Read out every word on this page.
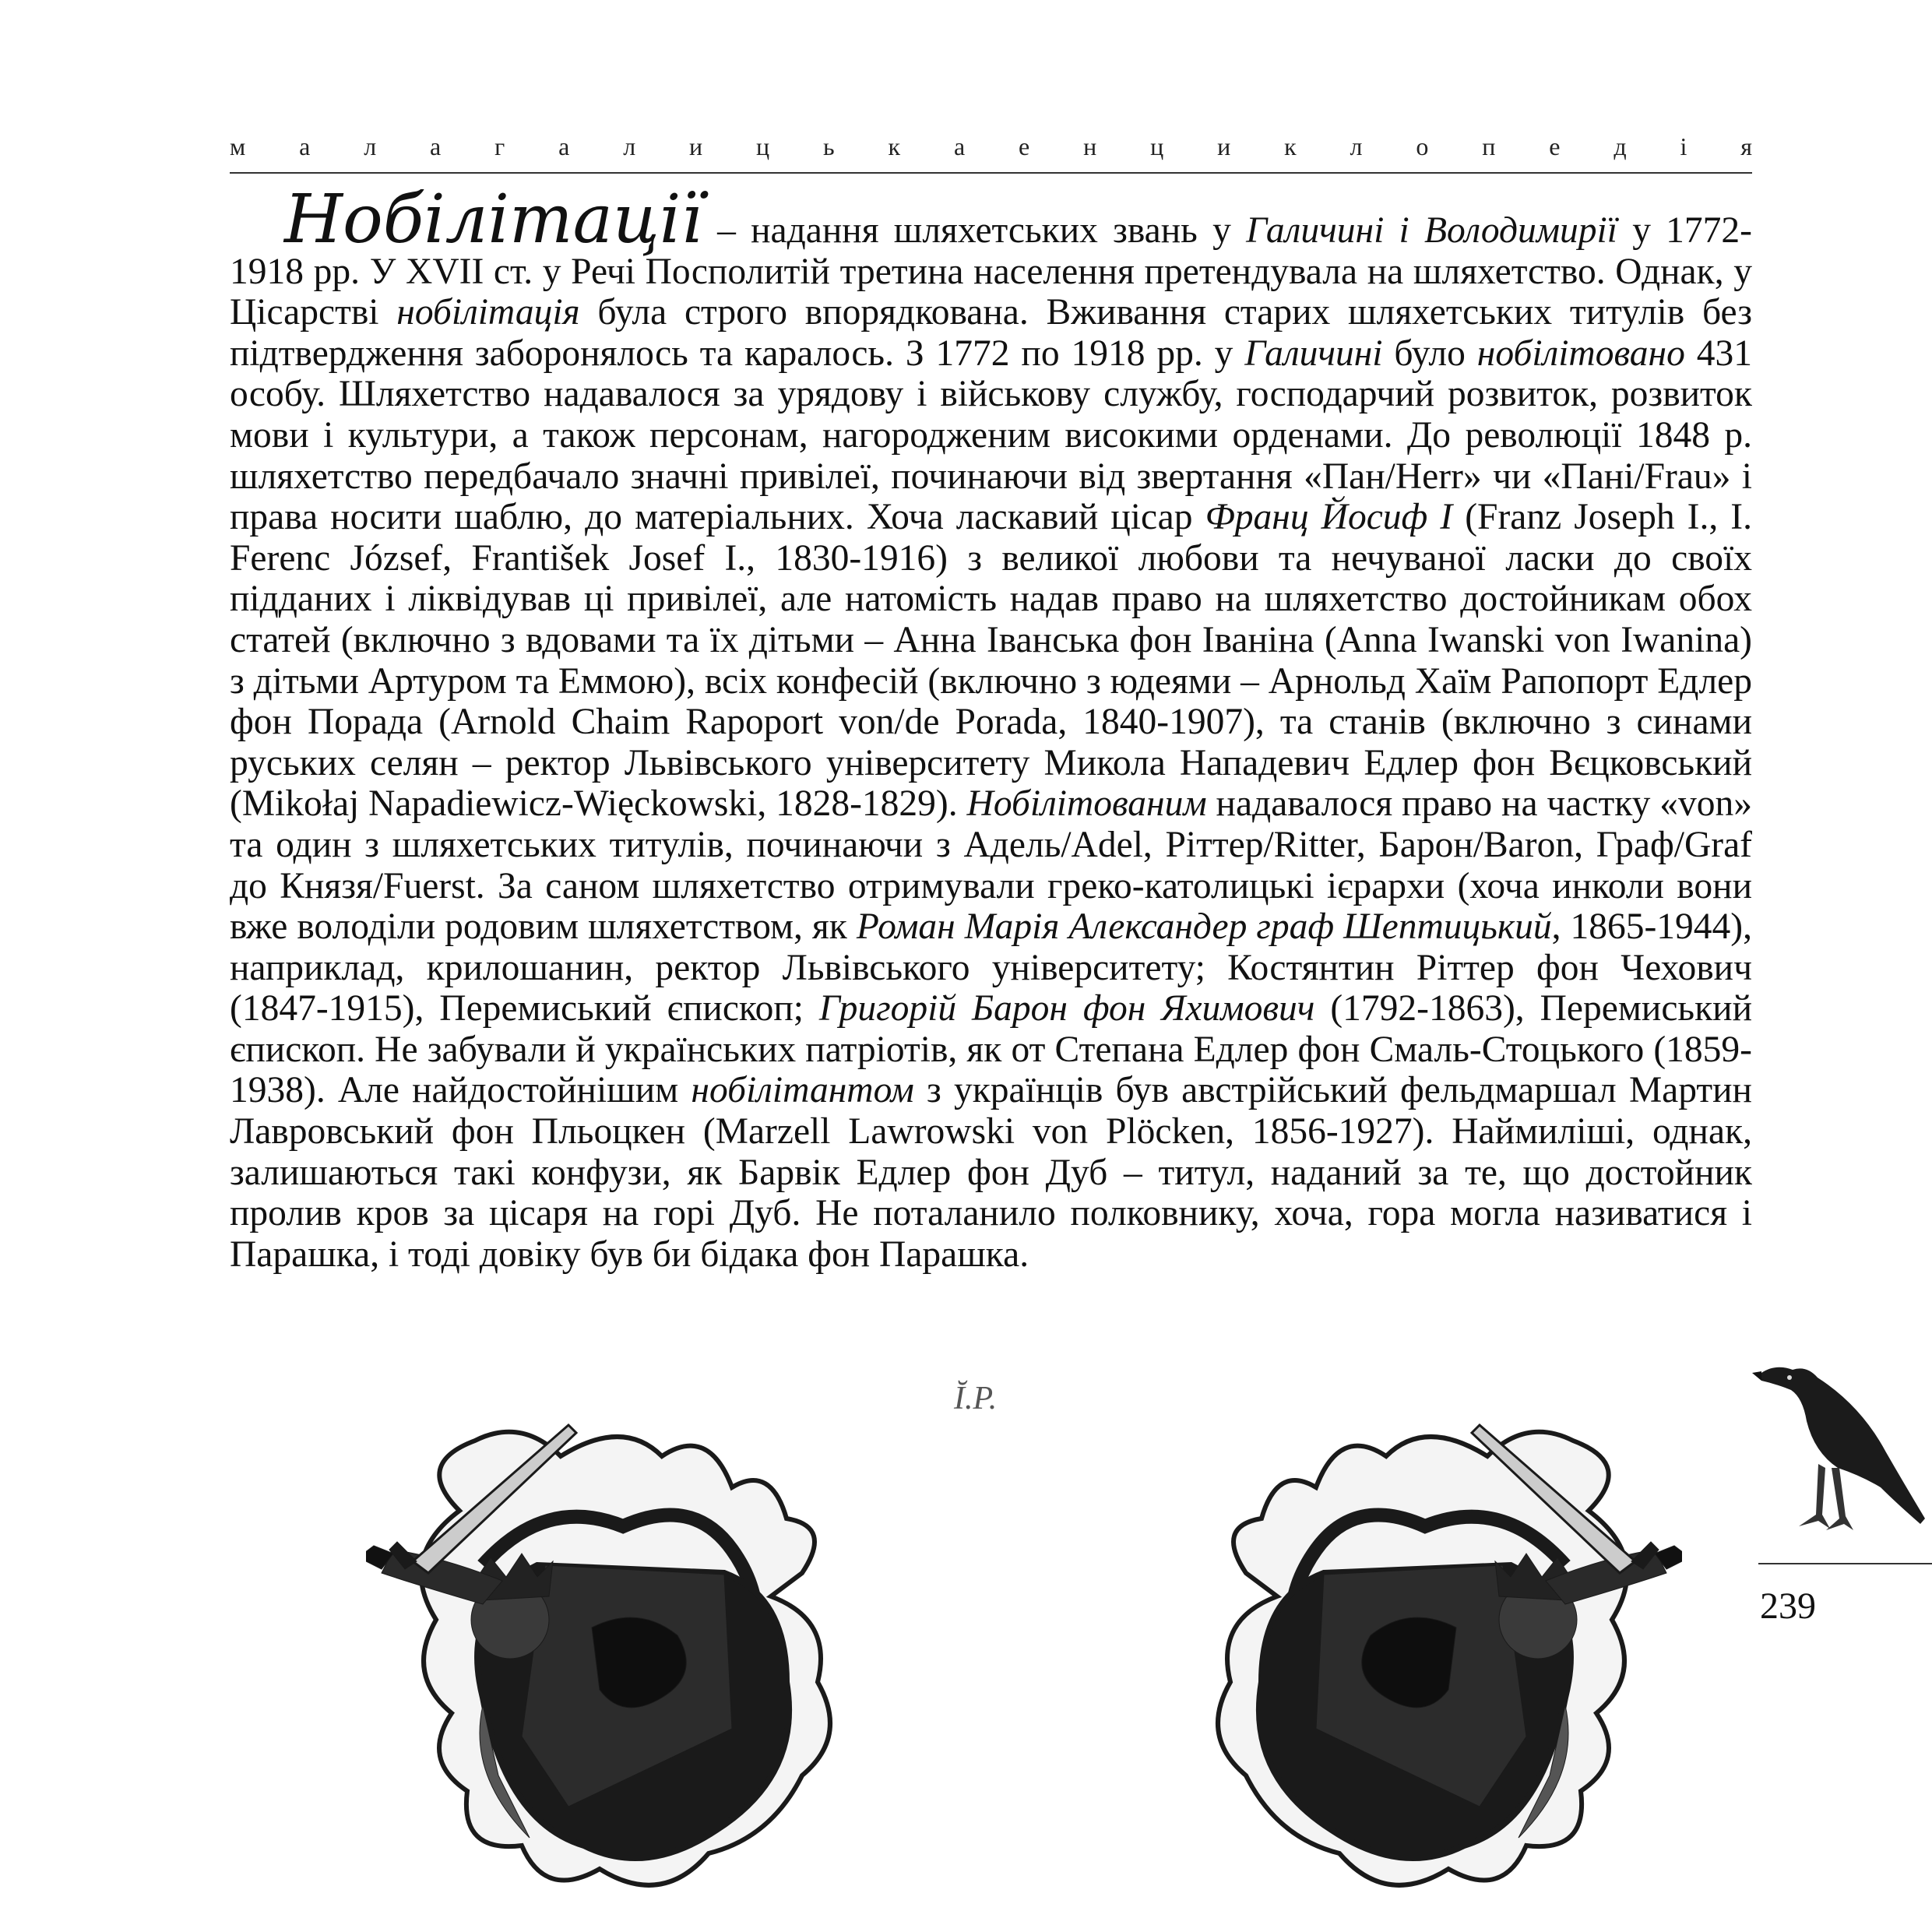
м а л а г а л и ц ь к а е н ц и к л о п е д і я

Нобілітації – надання шляхетських звань у Галичині і Володимирії у 1772-1918 рр. У XVII ст. у Речі Посполитій третина населення претендувала на шляхетство. Однак, у Цісарстві нобілітація була строго впорядкована. Вживання старих шляхетських титулів без підтвердження заборонялось та каралось. З 1772 по 1918 рр. у Галичині було нобілітовано 431 особу. Шляхетство надавалося за урядову і військову службу, господарчий розвиток, розвиток мови і культури, а також персонам, нагородженим високими орденами. До революції 1848 р. шляхетство передбачало значні привілеї, починаючи від звертання «Пан/Herr» чи «Пані/Frau» і права носити шаблю, до матеріальних. Хоча ласкавий цісар Франц Йосиф І (Franz Joseph I., I. Ferenc József, František Josef I., 1830-1916) з великої любови та нечуваної ласки до своїх підданих і ліквідував ці привілеї, але натомість надав право на шляхетство достойникам обох статей (включно з вдовами та їх дітьми – Анна Іванська фон Іваніна (Anna Iwanski von Iwanina) з дітьми Артуром та Еммою), всіх конфесій (включно з юдеями – Арнольд Хаїм Рапопорт Едлер фон Порада (Arnold Chaim Rapoport von/de Porada, 1840-1907), та станів (включно з синами руських селян – ректор Львівського університету Микола Нападевич Едлер фон Вєцковський (Mikołaj Napadiewicz-Więckowski, 1828-1829). Нобілітованим надавалося право на частку «von» та один з шляхетських титулів, починаючи з Адель/Adel, Ріттер/Ritter, Барон/Baron, Граф/Graf до Князя/Fuerst. За саном шляхетство отримували греко-католицькі ієрархи (хоча инколи вони вже володіли родовим шляхетством, як Роман Марія Александер граф Шептицький, 1865-1944), наприклад, крилошанин, ректор Львівського університету; Костянтин Ріттер фон Чехович (1847-1915), Перемиський єпископ; Григорій Барон фон Яхимович (1792-1863), Перемиський єпископ. Не забували й українських патріотів, як от Степана Едлер фон Смаль-Стоцького (1859-1938). Але найдостойнішим нобілітантом з українців був австрійський фельдмаршал Мартин Лавровський фон Пльоцкен (Marzell Lawrowski von Plöcken, 1856-1927). Наймиліші, однак, залишаються такі конфузи, як Барвік Едлер фон Дуб – титул, наданий за те, що достойник пролив кров за цісаря на горі Дуб. Не поталанило полковнику, хоча, гора могла називатися і Парашка, і тоді довіку був би бідака фон Парашка.

Ĭ.P.
239
